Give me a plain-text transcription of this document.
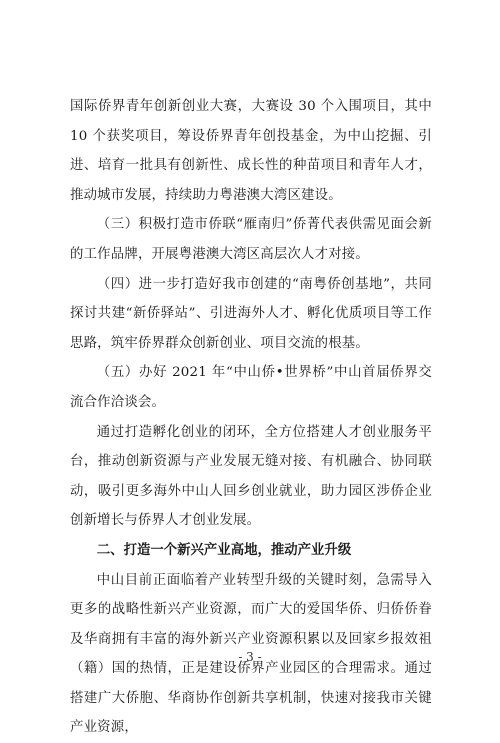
国际侨界青年创新创业大赛，大赛设 30 个入围项目，其中 10 个获奖项目，筹设侨界青年创投基金，为中山挖掘、引进、培育一批具有创新性、成长性的种苗项目和青年人才，推动城市发展，持续助力粤港澳大湾区建设。

（三）积极打造市侨联“雁南归”侨菁代表供需见面会新的工作品牌，开展粤港澳大湾区高层次人才对接。

（四）进一步打造好我市创建的“南粤侨创基地”，共同探讨共建“新侨驿站”、引进海外人才、孵化优质项目等工作思路，筑牢侨界群众创新创业、项目交流的根基。

（五）办好 2021 年“中山侨•世界桥”中山首届侨界交流合作洽谈会。

通过打造孵化创业的闭环，全方位搭建人才创业服务平台，推动创新资源与产业发展无缝对接、有机融合、协同联动，吸引更多海外中山人回乡创业就业，助力园区涉侨企业创新增长与侨界人才创业发展。

二、打造一个新兴产业高地，推动产业升级

中山目前正面临着产业转型升级的关键时刻，急需导入更多的战略性新兴产业资源，而广大的爱国华侨、归侨侨眷及华商拥有丰富的海外新兴产业资源积累以及回家乡报效祖（籍）国的热情，正是建设侨界产业园区的合理需求。通过搭建广大侨胞、华商协作创新共享机制，快速对接我市关键产业资源，

- 3 -
